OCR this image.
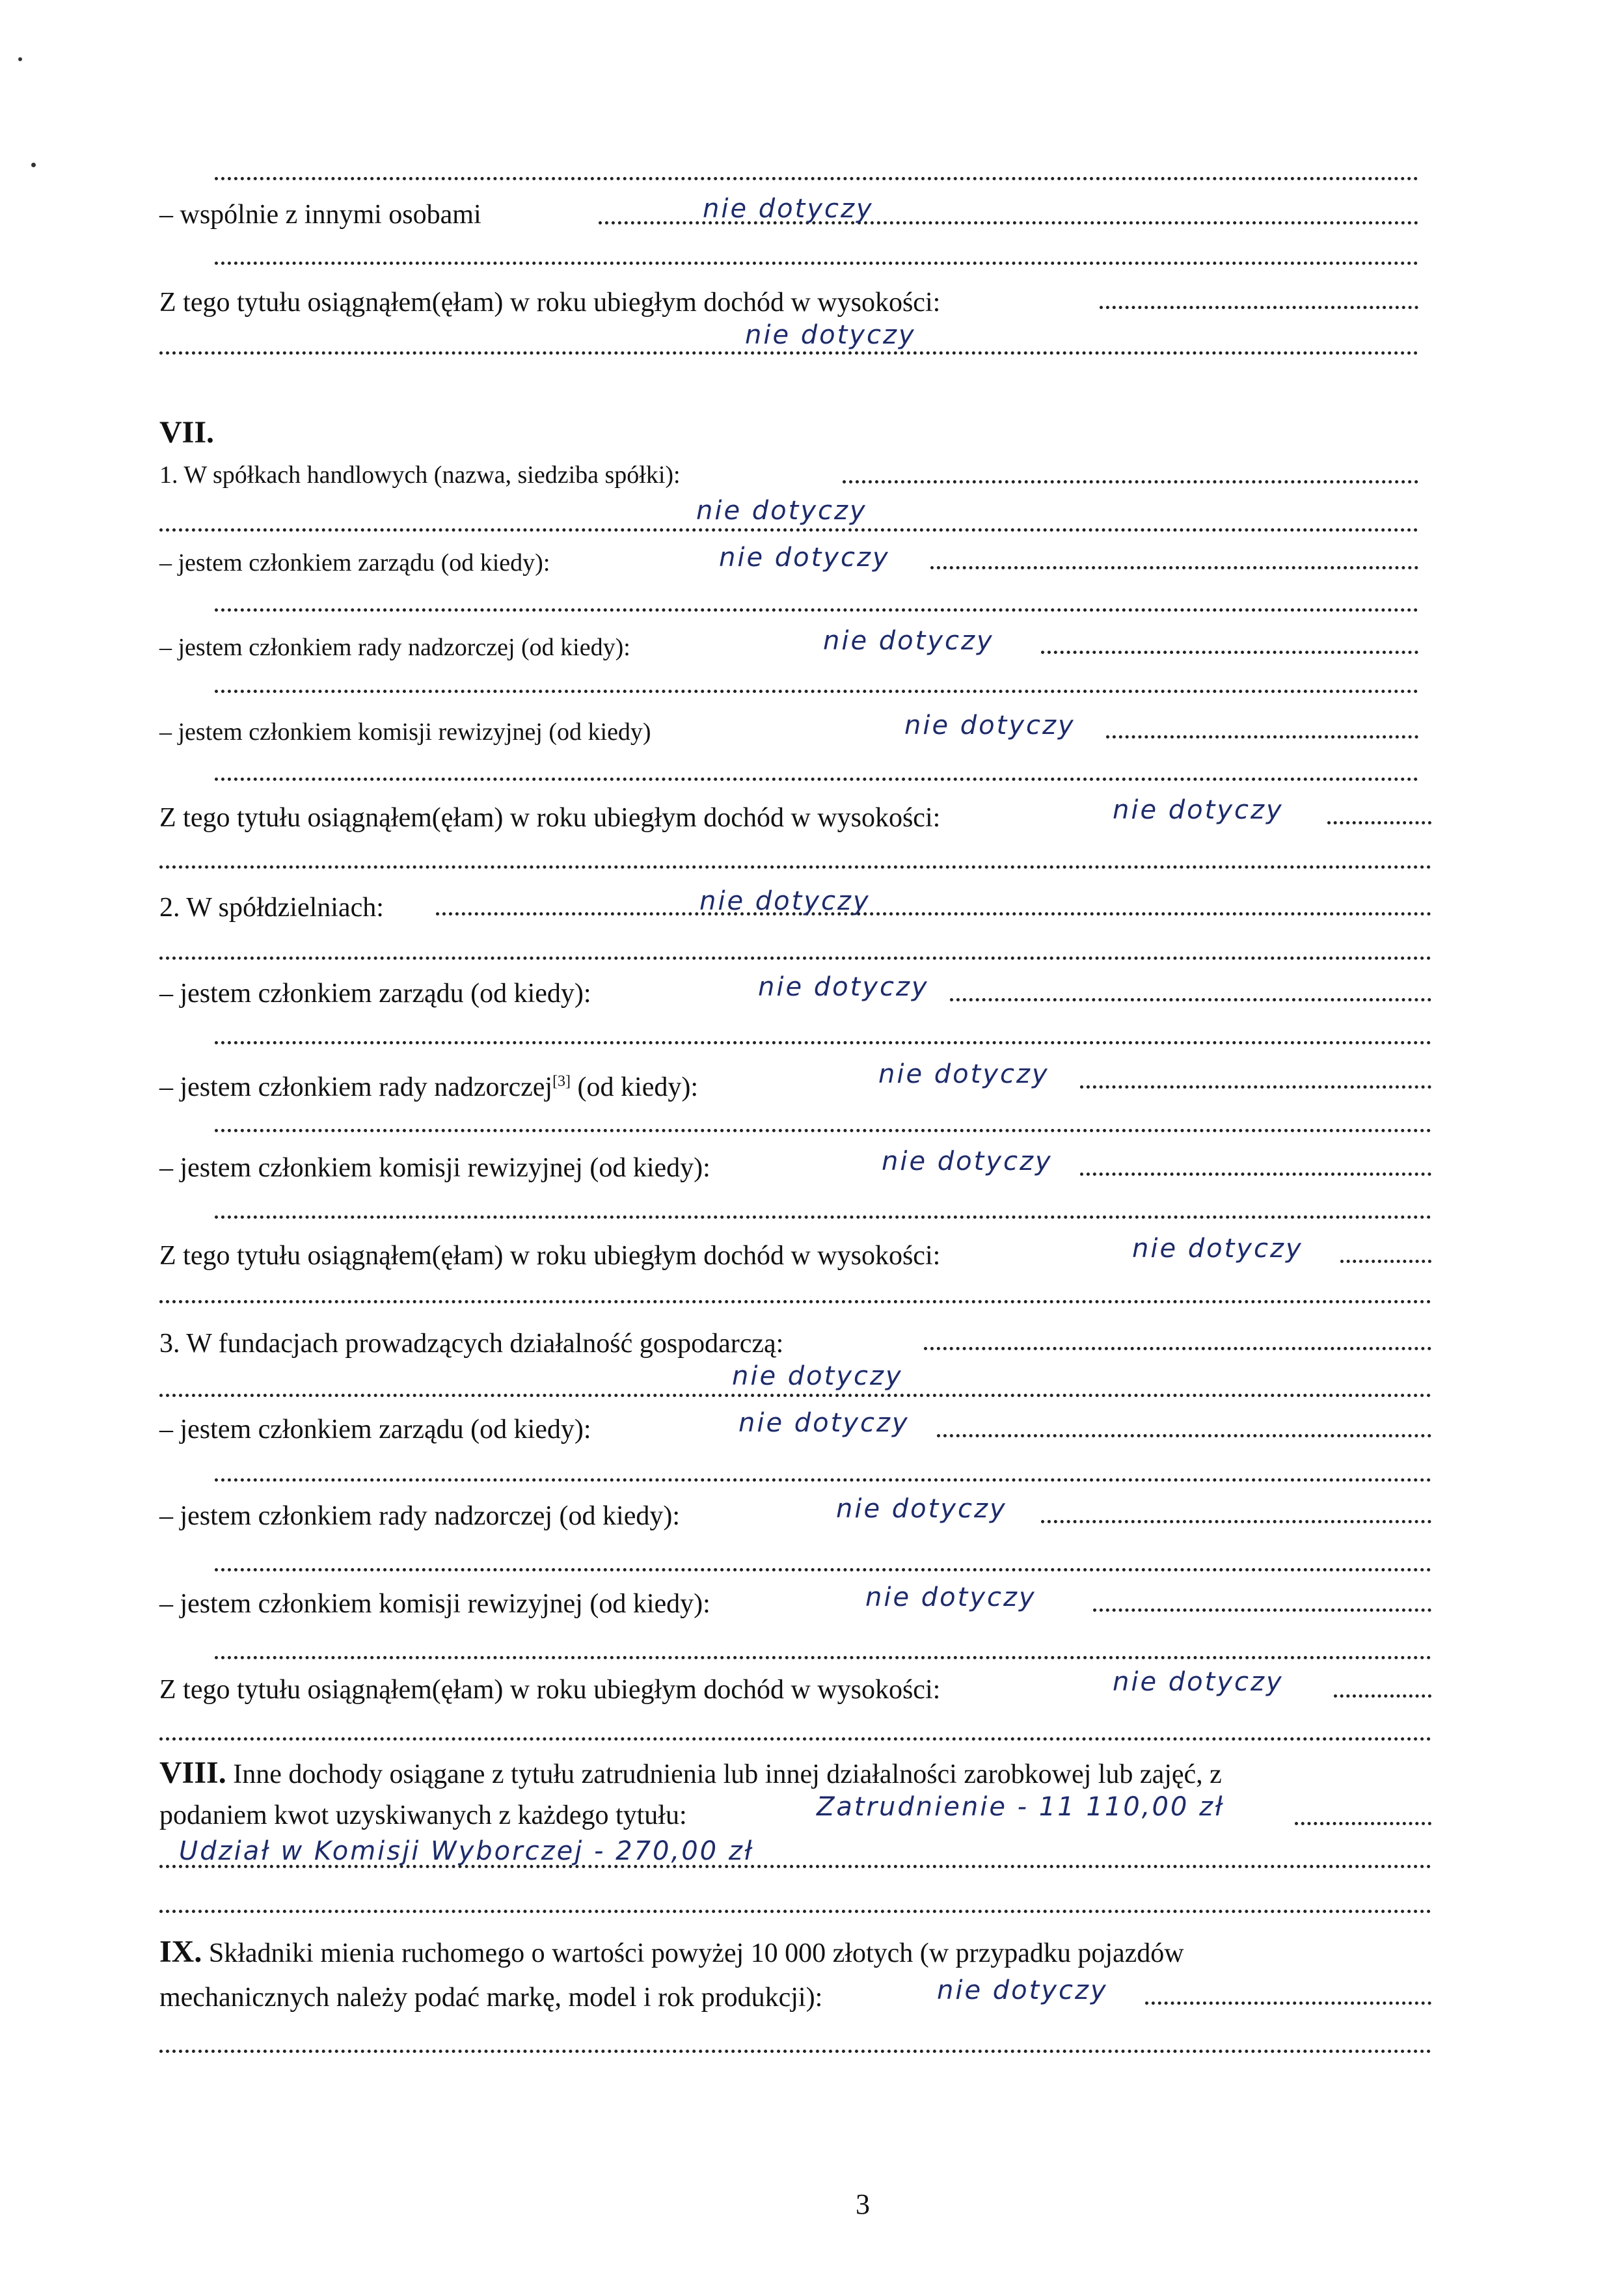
– wspólnie z innymi osobami	nie dotyczy
Z tego tytułu osiągnąłem(ęłam) w roku ubiegłym dochód w wysokości:
nie dotyczy
VII.
1. W spółkach handlowych (nazwa, siedziba spółki):
nie dotyczy
– jestem członkiem zarządu (od kiedy):	nie dotyczy
– jestem członkiem rady nadzorczej (od kiedy):	nie dotyczy
– jestem członkiem komisji rewizyjnej (od kiedy)	nie dotyczy
Z tego tytułu osiągnąłem(ęłam) w roku ubiegłym dochód w wysokości:	nie dotyczy
2. W spółdzielniach:	nie dotyczy
– jestem członkiem zarządu (od kiedy):	nie dotyczy
– jestem członkiem rady nadzorczej[3] (od kiedy):	nie dotyczy
– jestem członkiem komisji rewizyjnej (od kiedy):	nie dotyczy
Z tego tytułu osiągnąłem(ęłam) w roku ubiegłym dochód w wysokości:	nie dotyczy
3. W fundacjach prowadzących działalność gospodarczą:
nie dotyczy
– jestem członkiem zarządu (od kiedy):	nie dotyczy
– jestem członkiem rady nadzorczej (od kiedy):	nie dotyczy
– jestem członkiem komisji rewizyjnej (od kiedy):	nie dotyczy
Z tego tytułu osiągnąłem(ęłam) w roku ubiegłym dochód w wysokości:	nie dotyczy
VIII. Inne dochody osiągane z tytułu zatrudnienia lub innej działalności zarobkowej lub zajęć, z
podaniem kwot uzyskiwanych z każdego tytułu:	Zatrudnienie - 11 110,00 zł
Udział w Komisji Wyborczej - 270,00 zł
IX. Składniki mienia ruchomego o wartości powyżej 10 000 złotych (w przypadku pojazdów
mechanicznych należy podać markę, model i rok produkcji):	nie dotyczy
3
